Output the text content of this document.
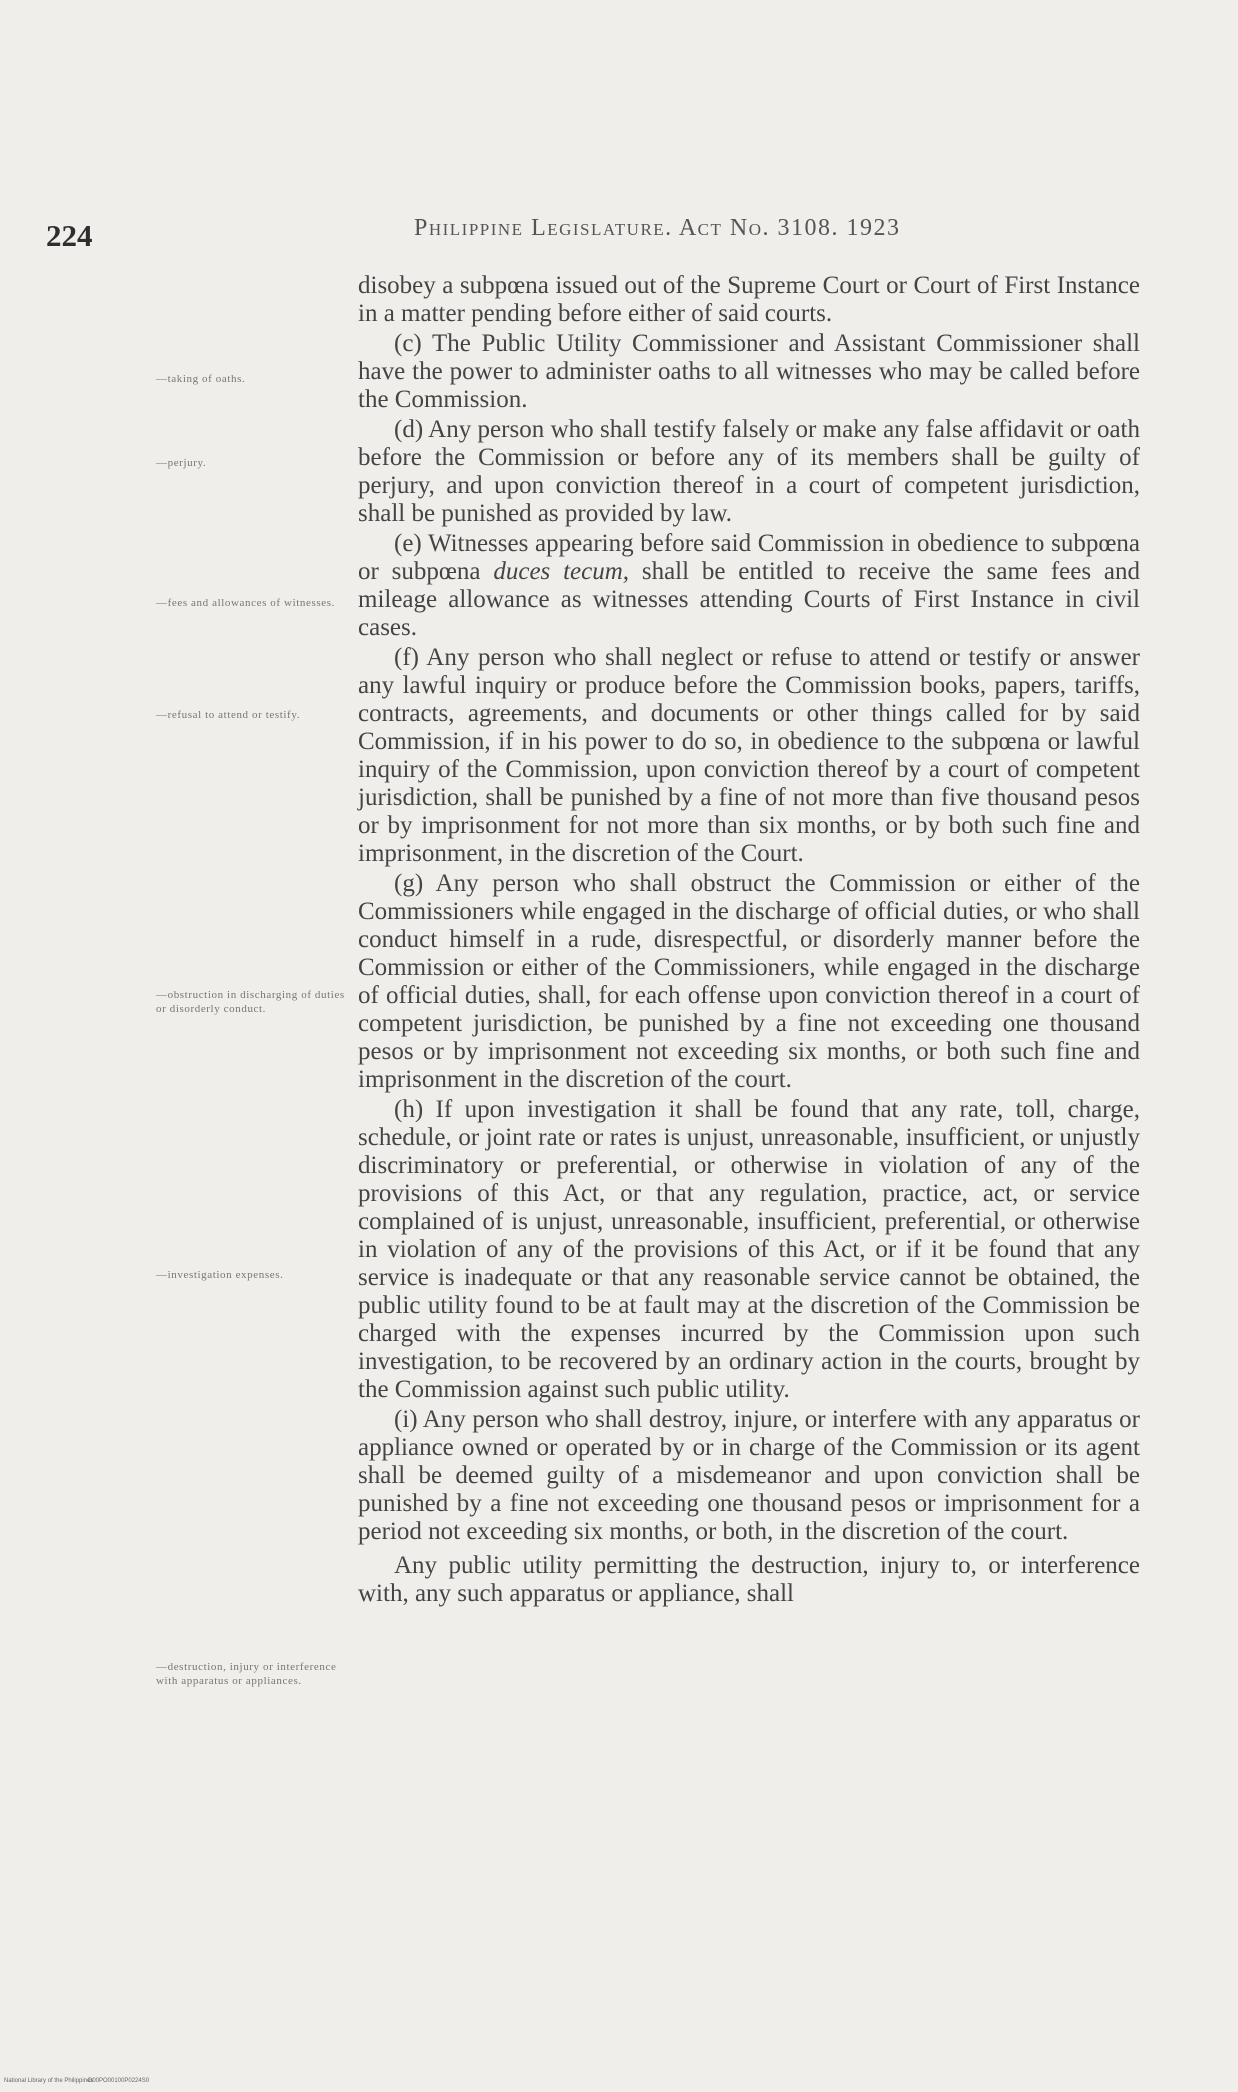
224	Philippine Legislature. Act No. 3108. 1923
—taking of oaths.
—perjury.
—fees and allowances of witnesses.
—refusal to attend or testify.
—obstruction in discharging of duties or disorderly conduct.
—investigation expenses.
—destruction, injury or interference with apparatus or appliances.

disobey a subpœna issued out of the Supreme Court or Court of First Instance in a matter pending before either of said courts.

(c) The Public Utility Commissioner and Assistant Commissioner shall have the power to administer oaths to all witnesses who may be called before the Commission.

(d) Any person who shall testify falsely or make any false affidavit or oath before the Commission or before any of its members shall be guilty of perjury, and upon conviction thereof in a court of competent jurisdiction, shall be punished as provided by law.

(e) Witnesses appearing before said Commission in obedience to subpœna or subpœna duces tecum, shall be entitled to receive the same fees and mileage allowance as witnesses attending Courts of First Instance in civil cases.

(f) Any person who shall neglect or refuse to attend or testify or answer any lawful inquiry or produce before the Commission books, papers, tariffs, contracts, agreements, and documents or other things called for by said Commission, if in his power to do so, in obedience to the subpœna or lawful inquiry of the Commission, upon conviction thereof by a court of competent jurisdiction, shall be punished by a fine of not more than five thousand pesos or by imprisonment for not more than six months, or by both such fine and imprisonment, in the discretion of the Court.

(g) Any person who shall obstruct the Commission or either of the Commissioners while engaged in the discharge of official duties, or who shall conduct himself in a rude, disrespectful, or disorderly manner before the Commission or either of the Commissioners, while engaged in the discharge of official duties, shall, for each offense upon conviction thereof in a court of competent jurisdiction, be punished by a fine not exceeding one thousand pesos or by imprisonment not exceeding six months, or both such fine and imprisonment in the discretion of the court.

(h) If upon investigation it shall be found that any rate, toll, charge, schedule, or joint rate or rates is unjust, unreasonable, insufficient, or unjustly discriminatory or preferential, or otherwise in violation of any of the provisions of this Act, or that any regulation, practice, act, or service complained of is unjust, unreasonable, insufficient, preferential, or otherwise in violation of any of the provisions of this Act, or if it be found that any service is inadequate or that any reasonable service cannot be obtained, the public utility found to be at fault may at the discretion of the Commission be charged with the expenses incurred by the Commission upon such investigation, to be recovered by an ordinary action in the courts, brought by the Commission against such public utility.

(i) Any person who shall destroy, injure, or interfere with any apparatus or appliance owned or operated by or in charge of the Commission or its agent shall be deemed guilty of a misdemeanor and upon conviction shall be punished by a fine not exceeding one thousand pesos or imprisonment for a period not exceeding six months, or both, in the discretion of the court.

Any public utility permitting the destruction, injury to, or interference with, any such apparatus or appliance, shall

National Library of the Philippines
D00PO00100P0224S0
